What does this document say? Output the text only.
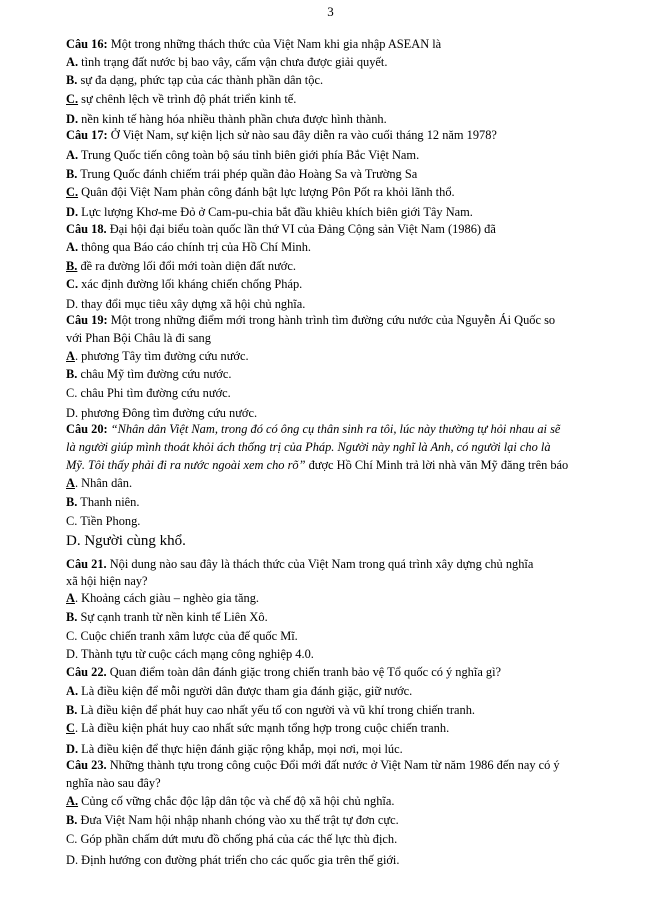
3
Câu 16: Một trong những thách thức của Việt Nam khi gia nhập ASEAN là
A. tình trạng đất nước bị bao vây, cấm vận chưa được giải quyết.
B. sự đa dạng, phức tạp của các thành phần dân tộc.
C. sự chênh lệch về trình độ phát triển kinh tế.
D. nền kinh tế hàng hóa nhiều thành phần chưa được hình thành.
Câu 17: Ở Việt Nam, sự kiện lịch sử nào sau đây diễn ra vào cuối tháng 12 năm 1978?
A. Trung Quốc tiến công toàn bộ sáu tỉnh biên giới phía Bắc Việt Nam.
B. Trung Quốc đánh chiếm trái phép quần đảo Hoàng Sa và Trường Sa
C. Quân đội Việt Nam phản công đánh bật lực lượng Pôn Pốt ra khỏi lãnh thổ.
D. Lực lượng Khơ-me Đỏ ở Cam-pu-chia bắt đầu khiêu khích biên giới Tây Nam.
Câu 18. Đại hội đại biểu toàn quốc lần thứ VI của Đảng Cộng sản Việt Nam (1986) đã
A. thông qua Báo cáo chính trị của Hồ Chí Minh.
B. đề ra đường lối đổi mới toàn diện đất nước.
C. xác định đường lối kháng chiến chống Pháp.
D. thay đổi mục tiêu xây dựng xã hội chủ nghĩa.
Câu 19: Một trong những điểm mới trong hành trình tìm đường cứu nước của Nguyễn Ái Quốc so
với Phan Bội Châu là đi sang
A. phương Tây tìm đường cứu nước.
B. châu Mỹ tìm đường cứu nước.
C. châu Phi tìm đường cứu nước.
D. phương Đông tìm đường cứu nước.
Câu 20: “Nhân dân Việt Nam, trong đó có ông cụ thân sinh ra tôi, lúc này thường tự hỏi nhau ai sẽ
là người giúp mình thoát khỏi ách thống trị của Pháp. Người này nghĩ là Anh, có người lại cho là
Mỹ. Tôi thấy phải đi ra nước ngoài xem cho rõ” được Hồ Chí Minh trả lời nhà văn Mỹ đăng trên báo
A. Nhân dân.
B. Thanh niên.
C. Tiền Phong.
D. Người cùng khổ.
Câu 21. Nội dung nào sau đây là thách thức của Việt Nam trong quá trình xây dựng chủ nghĩa
xã hội hiện nay?
A. Khoảng cách giàu – nghèo gia tăng.
B. Sự cạnh tranh từ nền kinh tế Liên Xô.
C. Cuộc chiến tranh xâm lược của đế quốc Mĩ.
D. Thành tựu từ cuộc cách mạng công nghiệp 4.0.
Câu 22. Quan điểm toàn dân đánh giặc trong chiến tranh bảo vệ Tổ quốc có ý nghĩa gì?
A. Là điều kiện để mỗi người dân được tham gia đánh giặc, giữ nước.
B. Là điều kiện để phát huy cao nhất yếu tố con người và vũ khí trong chiến tranh.
C. Là điều kiện phát huy cao nhất sức mạnh tổng hợp trong cuộc chiến tranh.
D. Là điều kiện để thực hiện đánh giặc rộng khắp, mọi nơi, mọi lúc.
Câu 23. Những thành tựu trong công cuộc Đổi mới đất nước ở Việt Nam từ năm 1986 đến nay có ý
nghĩa nào sau đây?
A. Củng cố vững chắc độc lập dân tộc và chế độ xã hội chủ nghĩa.
B. Đưa Việt Nam hội nhập nhanh chóng vào xu thế trật tự đơn cực.
C. Góp phần chấm dứt mưu đồ chống phá của các thế lực thù địch.
D. Định hướng con đường phát triển cho các quốc gia trên thế giới.
